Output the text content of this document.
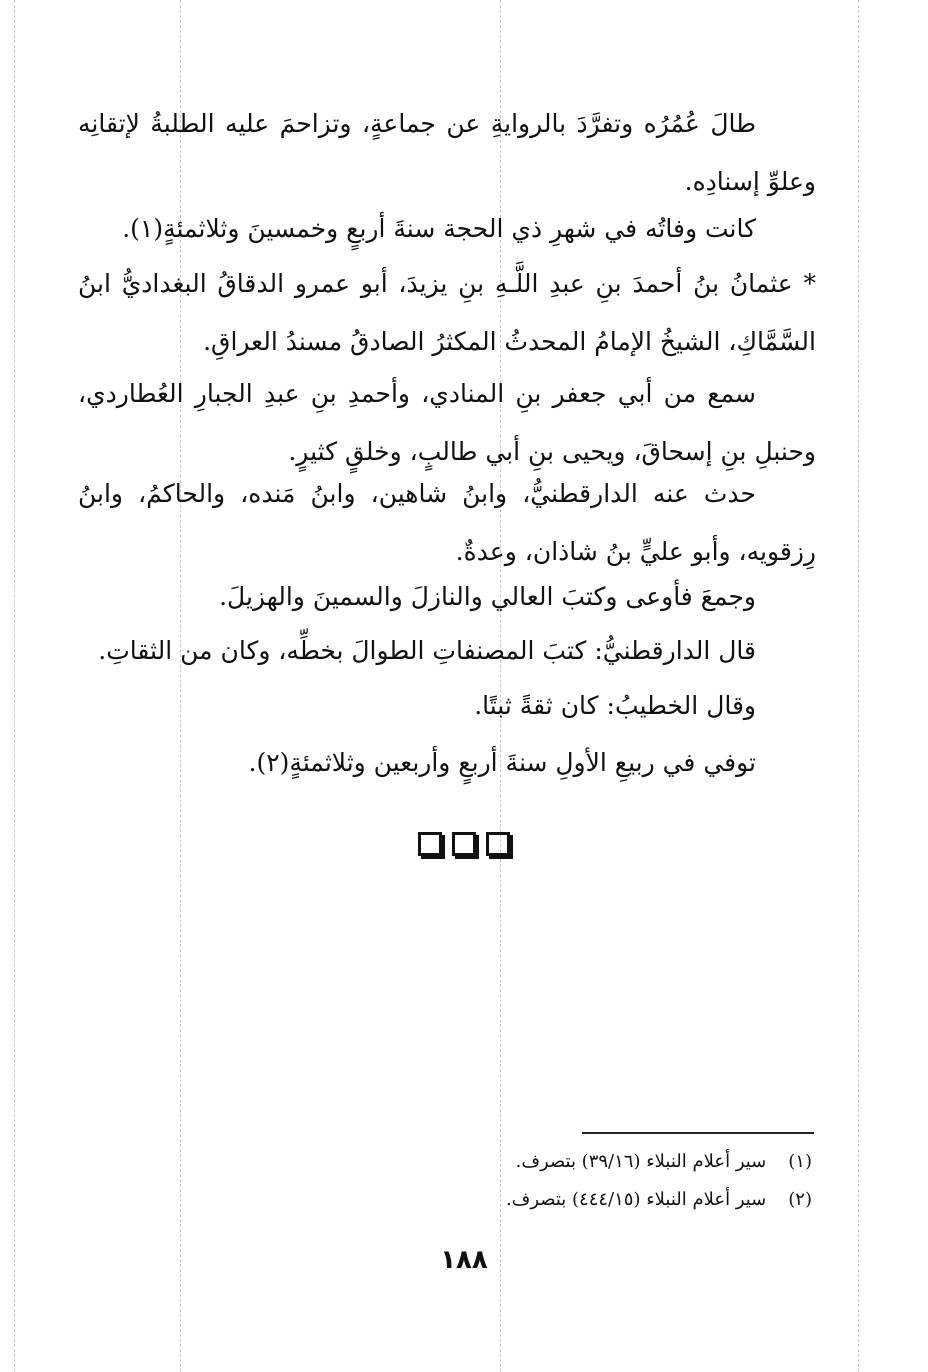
طالَ عُمُرُه وتفرَّدَ بالروايةِ عن جماعةٍ، وتزاحمَ عليه الطلبةُ لإتقانِه وعلوِّ إسنادِه.

كانت وفاتُه في شهرِ ذي الحجة سنةَ أربعٍ وخمسينَ وثلاثمئةٍ(١).

* عثمانُ بنُ أحمدَ بنِ عبدِ اللَّـهِ بنِ يزيدَ، أبو عمرو الدقاقُ البغداديُّ ابنُ السَّمَّاكِ، الشيخُ الإمامُ المحدثُ المكثرُ الصادقُ مسندُ العراقِ.

سمع من أبي جعفر بنِ المنادي، وأحمدِ بنِ عبدِ الجبارِ العُطاردي، وحنبلِ بنِ إسحاقَ، ويحيى بنِ أبي طالبٍ، وخلقٍ كثيرٍ.

حدث عنه الدارقطنيُّ، وابنُ شاهين، وابنُ مَنده، والحاكمُ، وابنُ رِزقويه، وأبو عليٍّ بنُ شاذان، وعدةٌ.

وجمعَ فأوعى وكتبَ العالي والنازلَ والسمينَ والهزيلَ.

قال الدارقطنيُّ: كتبَ المصنفاتِ الطوالَ بخطِّه، وكان من الثقاتِ.

وقال الخطيبُ: كان ثقةً ثبتًا.

توفي في ربيعِ الأولِ سنةَ أربعٍ وأربعين وثلاثمئةٍ(٢).

(١) سير أعلام النبلاء (٣٩/١٦) بتصرف.
(٢) سير أعلام النبلاء (٤٤٤/١٥) بتصرف.
١٨٨
